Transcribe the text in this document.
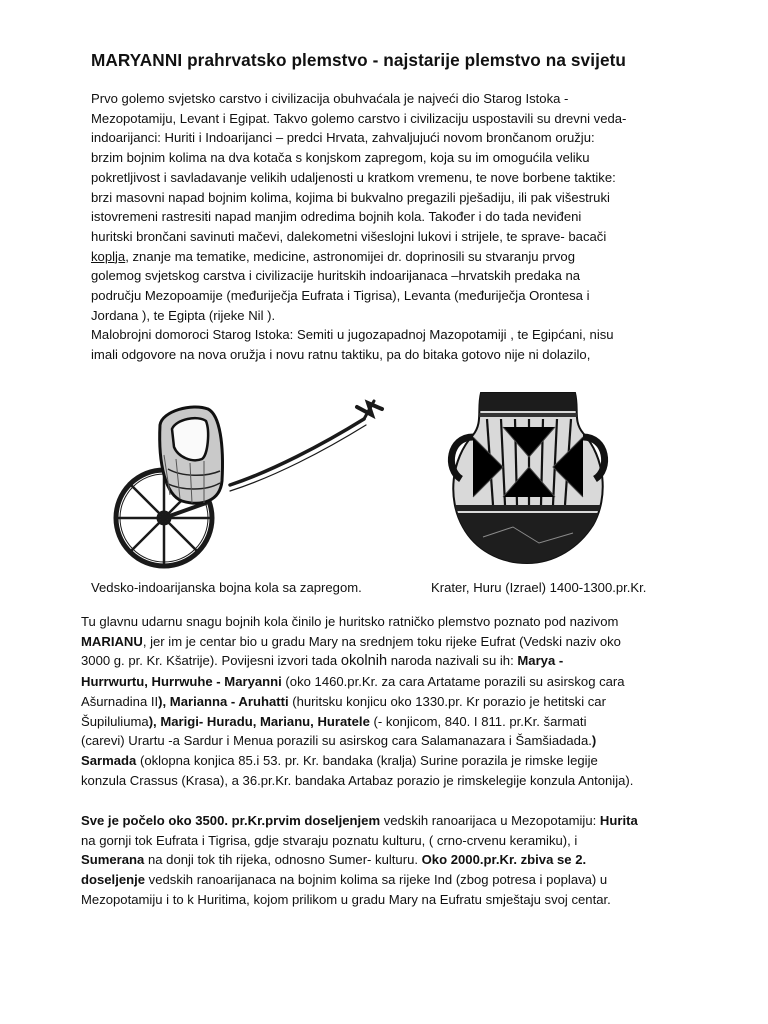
MARYANNI prahrvatsko plemstvo - najstarije plemstvo na svijetu
Prvo golemo svjetsko carstvo i civilizacija obuhvaćala je najveći dio Starog Istoka -
Mezopotamiju, Levant i Egipat. Takvo golemo carstvo i civilizaciju uspostavili su drevni veda-
indoarijanci: Huriti i Indoarijanci – predci Hrvata, zahvaljujući novom brončanom oružju:
brzim bojnim kolima na dva kotača s konjskom zapregom, koja su im omogućila veliku
pokretljivost i savladavanje velikih udaljenosti u kratkom vremenu, te nove borbene taktike:
brzi masovni napad bojnim kolima, kojima bi bukvalno pregazili pješadiju, ili pak višestruki
istovremeni rastresiti napad manjim odredima bojnih kola. Također i do tada neviđeni
huritski brončani savinuti mačevi, dalekometni višeslojni lukovi i strijele, te sprave- bacači
koplja, znanje ma tematike, medicine, astronomijei dr. doprinosili su stvaranju prvog
golemog svjetskog carstva i civilizacije huritskih indoarijanaca –hrvatskih predaka na
području Mezopoamije (međuriječja Eufrata i Tigrisa), Levanta (međuriječja Orontesa i
Jordana ), te Egipta (rijeke Nil ).
Malobrojni domoroci Starog Istoka: Semiti u jugozapadnoj Mazopotamiji , te Egipćani, nisu
imali odgovore na nova oružja i novu ratnu taktiku, pa do bitaka gotovo nije ni dolazilo,
Vedsko-indoarijanska bojna kola sa zapregom.	Krater, Huru (Izrael) 1400-1300.pr.Kr.
Tu glavnu udarnu snagu bojnih kola činilo je huritsko ratničko plemstvo poznato pod nazivom
MARIANU, jer im je centar bio u gradu Mary na srednjem toku rijeke Eufrat (Vedski naziv oko
3000 g. pr. Kr. Kšatrije). Povijesni izvori tada okolnih naroda nazivali su ih: Marya -
Hurrwurtu, Hurrwuhe - Maryanni (oko 1460.pr.Kr. za cara Artatame porazili su asirskog cara
Ašurnadina II), Marianna - Aruhatti (huritsku konjicu oko 1330.pr. Kr porazio je hetitski car
Šupiluliuma), Marigi- Huradu, Marianu, Huratele (- konjicom, 840. I 811. pr.Kr. šarmati
(carevi) Urartu -a Sardur i Menua porazili su asirskog cara Salamanazara i Šamšiadada.)
Sarmada (oklopna konjica 85.i 53. pr. Kr. bandaka (kralja) Surine porazila je rimske legije
konzula Crassus (Krasa), a 36.pr.Kr. bandaka Artabaz porazio je rimskelegije konzula Antonija).
Sve je počelo oko 3500. pr.Kr.prvim doseljenjem vedskih ranoarijaca u Mezopotamiju: Hurita
na gornji tok Eufrata i Tigrisa, gdje stvaraju poznatu kulturu, ( crno-crvenu keramiku), i
Sumerana na donji tok tih rijeka, odnosno Sumer- kulturu. Oko 2000.pr.Kr. zbiva se 2.
doseljenje vedskih ranoarijanaca na bojnim kolima sa rijeke Ind (zbog potresa i poplava) u
Mezopotamiju i to k Huritima, kojom prilikom u gradu Mary na Eufratu smještaju svoj centar.
